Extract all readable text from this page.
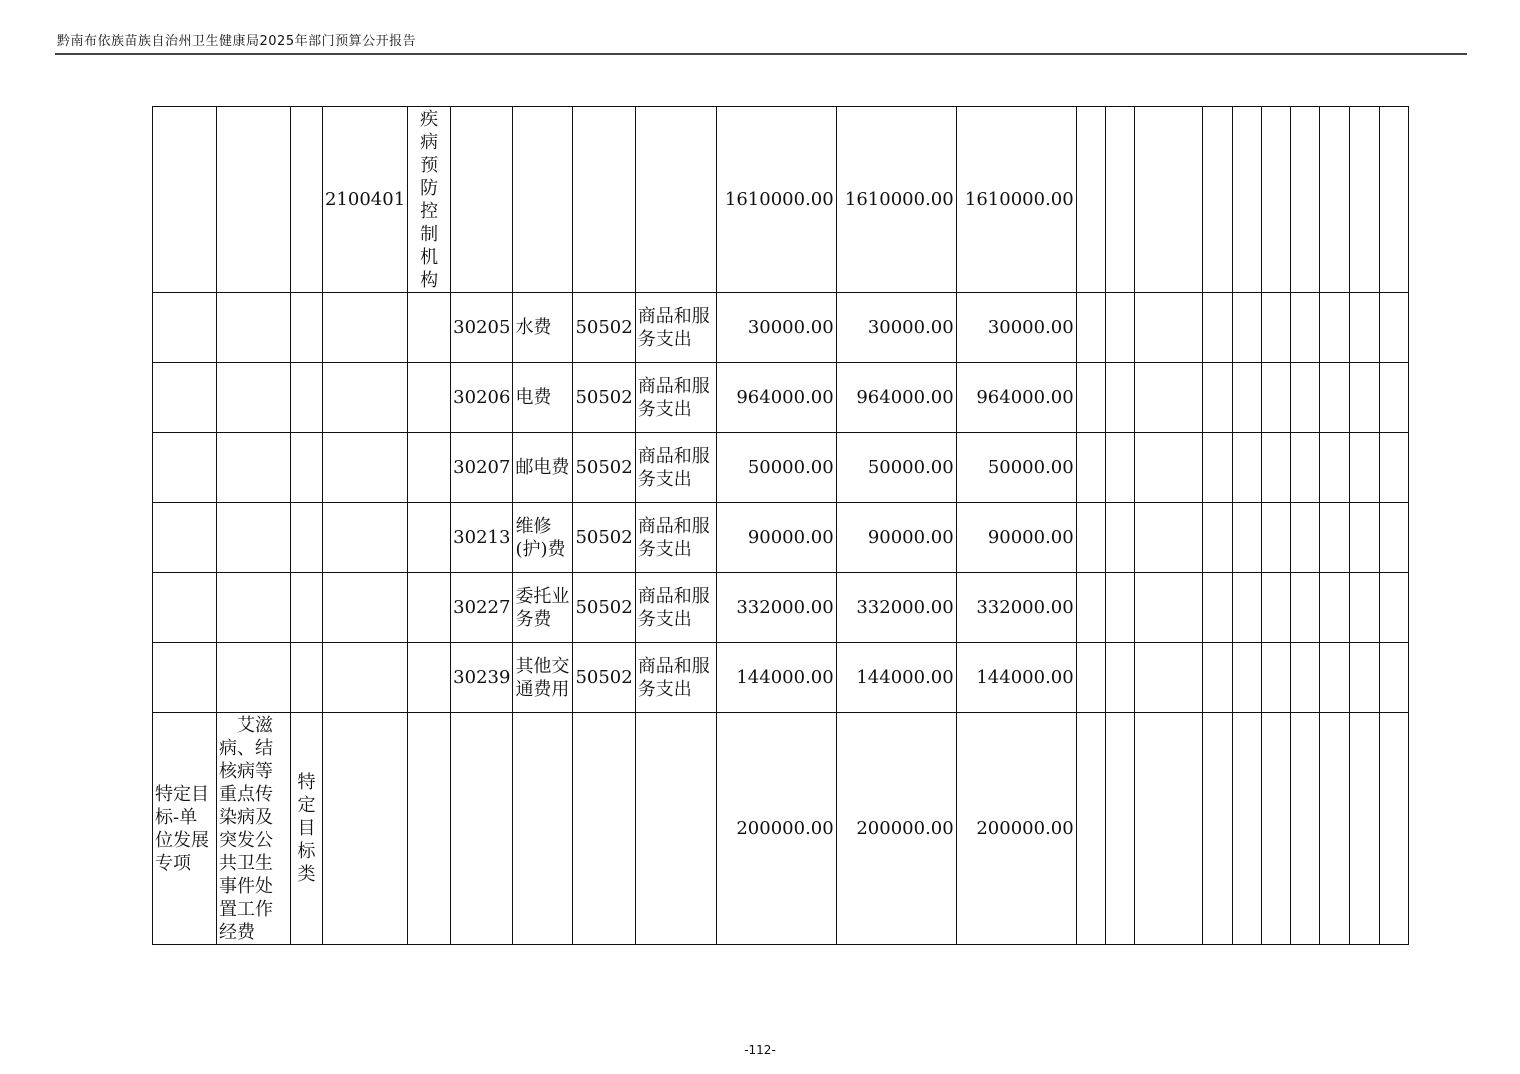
黔南布依族苗族自治州卫生健康局2025年部门预算公开报告
			2100401	疾病预防控制机构					1610000.00	1610000.00	1610000.00										
					30205	水费	50502	商品和服务支出	30000.00	30000.00	30000.00										
					30206	电费	50502	商品和服务支出	964000.00	964000.00	964000.00										
					30207	邮电费	50502	商品和服务支出	50000.00	50000.00	50000.00										
					30213	维修(护)费	50502	商品和服务支出	90000.00	90000.00	90000.00										
					30227	委托业务费	50502	商品和服务支出	332000.00	332000.00	332000.00										
					30239	其他交通费用	50502	商品和服务支出	144000.00	144000.00	144000.00										
特定目标-单位发展专项	艾滋病、结核病等重点传染病及突发公共卫生事件处置工作经费	特定目标类							200000.00	200000.00	200000.00										
-112-
